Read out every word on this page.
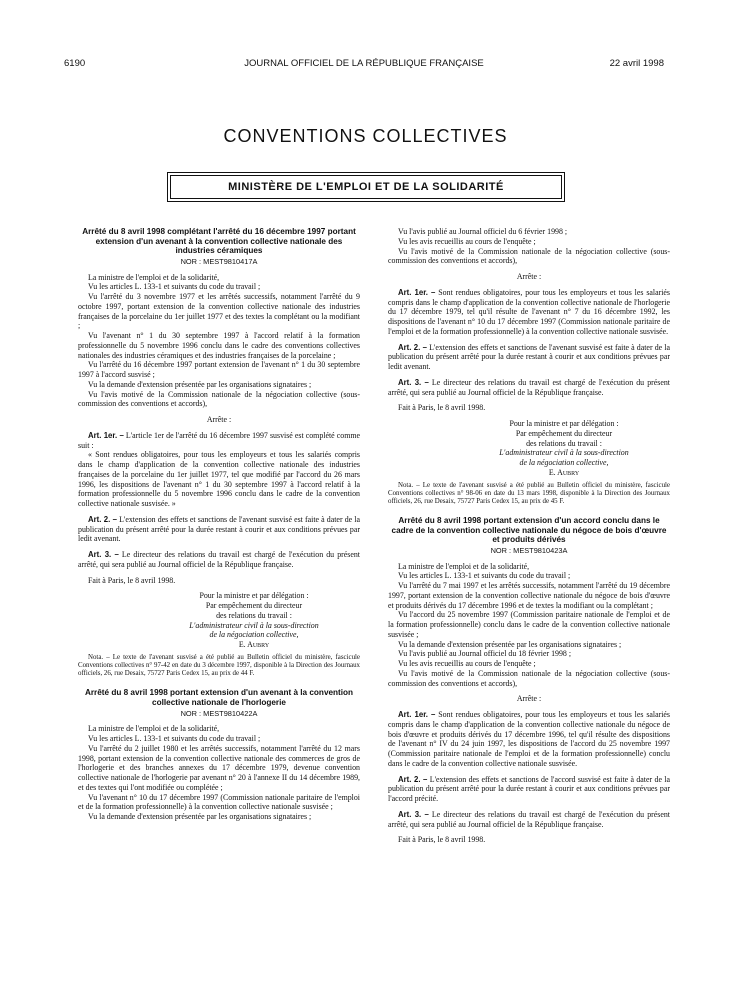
6190	JOURNAL OFFICIEL DE LA RÉPUBLIQUE FRANÇAISE	22 avril 1998
CONVENTIONS COLLECTIVES
MINISTÈRE DE L'EMPLOI ET DE LA SOLIDARITÉ
Arrêté du 8 avril 1998 complétant l'arrêté du 16 décembre 1997 portant extension d'un avenant à la convention collective nationale des industries céramiques
NOR : MEST9810417A

La ministre de l'emploi et de la solidarité,

Vu les articles L. 133-1 et suivants du code du travail ;

Vu l'arrêté du 3 novembre 1977 et les arrêtés successifs, notamment l'arrêté du 9 octobre 1997, portant extension de la convention collective nationale des industries françaises de la porcelaine du 1er juillet 1977 et des textes la complétant ou la modifiant ;

Vu l'avenant n° 1 du 30 septembre 1997 à l'accord relatif à la formation professionnelle du 5 novembre 1996 conclu dans le cadre des conventions collectives nationales des industries céramiques et des industries françaises de la porcelaine ;

Vu l'arrêté du 16 décembre 1997 portant extension de l'avenant n° 1 du 30 septembre 1997 à l'accord susvisé ;

Vu la demande d'extension présentée par les organisations signataires ;

Vu l'avis motivé de la Commission nationale de la négociation collective (sous-commission des conventions et accords),

Arrête :

Art. 1er. – L'article 1er de l'arrêté du 16 décembre 1997 susvisé est complété comme suit :

« Sont rendues obligatoires, pour tous les employeurs et tous les salariés compris dans le champ d'application de la convention collective nationale des industries françaises de la porcelaine du 1er juillet 1977, tel que modifié par l'accord du 26 mars 1996, les dispositions de l'avenant n° 1 du 30 septembre 1997 à l'accord relatif à la formation professionnelle du 5 novembre 1996 conclu dans le cadre de la convention collective nationale susvisée. »

Art. 2. – L'extension des effets et sanctions de l'avenant susvisé est faite à dater de la publication du présent arrêté pour la durée restant à courir et aux conditions prévues par ledit avenant.

Art. 3. – Le directeur des relations du travail est chargé de l'exécution du présent arrêté, qui sera publié au Journal officiel de la République française.

Fait à Paris, le 8 avril 1998.

Pour la ministre et par délégation :
Par empêchement du directeur
des relations du travail :
L'administrateur civil à la sous-direction
de la négociation collective,
E. Aubry

Nota. – Le texte de l'avenant susvisé a été publié au Bulletin officiel du ministère, fascicule Conventions collectives n° 97-42 en date du 3 décembre 1997, disponible à la Direction des Journaux officiels, 26, rue Desaix, 75727 Paris Cedex 15, au prix de 44 F.

Arrêté du 8 avril 1998 portant extension d'un avenant à la convention collective nationale de l'horlogerie
NOR : MEST9810422A

La ministre de l'emploi et de la solidarité,

Vu les articles L. 133-1 et suivants du code du travail ;

Vu l'arrêté du 2 juillet 1980 et les arrêtés successifs, notamment l'arrêté du 12 mars 1998, portant extension de la convention collective nationale des commerces de gros de l'horlogerie et des branches annexes du 17 décembre 1979, devenue convention collective nationale de l'horlogerie par avenant n° 20 à l'annexe II du 14 décembre 1989, et des textes qui l'ont modifiée ou complétée ;

Vu l'avenant n° 10 du 17 décembre 1997 (Commission nationale paritaire de l'emploi et de la formation professionnelle) à la convention collective nationale susvisée ;

Vu la demande d'extension présentée par les organisations signataires ;

Vu l'avis publié au Journal officiel du 6 février 1998 ;

Vu les avis recueillis au cours de l'enquête ;

Vu l'avis motivé de la Commission nationale de la négociation collective (sous-commission des conventions et accords),

Arrête :

Art. 1er. – Sont rendues obligatoires, pour tous les employeurs et tous les salariés compris dans le champ d'application de la convention collective nationale de l'horlogerie du 17 décembre 1979, tel qu'il résulte de l'avenant n° 7 du 16 décembre 1992, les dispositions de l'avenant n° 10 du 17 décembre 1997 (Commission nationale paritaire de l'emploi et de la formation professionnelle) à la convention collective nationale susvisée.

Art. 2. – L'extension des effets et sanctions de l'avenant susvisé est faite à dater de la publication du présent arrêté pour la durée restant à courir et aux conditions prévues par ledit avenant.

Art. 3. – Le directeur des relations du travail est chargé de l'exécution du présent arrêté, qui sera publié au Journal officiel de la République française.

Fait à Paris, le 8 avril 1998.

Pour la ministre et par délégation :
Par empêchement du directeur
des relations du travail :
L'administrateur civil à la sous-direction
de la négociation collective,
E. Aubry

Nota. – Le texte de l'avenant susvisé a été publié au Bulletin officiel du ministère, fascicule Conventions collectives n° 98-06 en date du 13 mars 1998, disponible à la Direction des Journaux officiels, 26, rue Desaix, 75727 Paris Cedex 15, au prix de 45 F.

Arrêté du 8 avril 1998 portant extension d'un accord conclu dans le cadre de la convention collective nationale du négoce de bois d'œuvre et produits dérivés
NOR : MEST9810423A

La ministre de l'emploi et de la solidarité,

Vu les articles L. 133-1 et suivants du code du travail ;

Vu l'arrêté du 7 mai 1997 et les arrêtés successifs, notamment l'arrêté du 19 décembre 1997, portant extension de la convention collective nationale du négoce de bois d'œuvre et produits dérivés du 17 décembre 1996 et de textes la modifiant ou la complétant ;

Vu l'accord du 25 novembre 1997 (Commission paritaire nationale de l'emploi et de la formation professionnelle) conclu dans le cadre de la convention collective nationale susvisée ;

Vu la demande d'extension présentée par les organisations signataires ;

Vu l'avis publié au Journal officiel du 18 février 1998 ;

Vu les avis recueillis au cours de l'enquête ;

Vu l'avis motivé de la Commission nationale de la négociation collective (sous-commission des conventions et accords),

Arrête :

Art. 1er. – Sont rendues obligatoires, pour tous les employeurs et tous les salariés compris dans le champ d'application de la convention collective nationale du négoce de bois d'œuvre et produits dérivés du 17 décembre 1996, tel qu'il résulte des dispositions de l'avenant n° IV du 24 juin 1997, les dispositions de l'accord du 25 novembre 1997 (Commission paritaire nationale de l'emploi et de la formation professionnelle) conclu dans le cadre de la convention collective nationale susvisée.

Art. 2. – L'extension des effets et sanctions de l'accord susvisé est faite à dater de la publication du présent arrêté pour la durée restant à courir et aux conditions prévues par l'accord précité.

Art. 3. – Le directeur des relations du travail est chargé de l'exécution du présent arrêté, qui sera publié au Journal officiel de la République française.

Fait à Paris, le 8 avril 1998.
